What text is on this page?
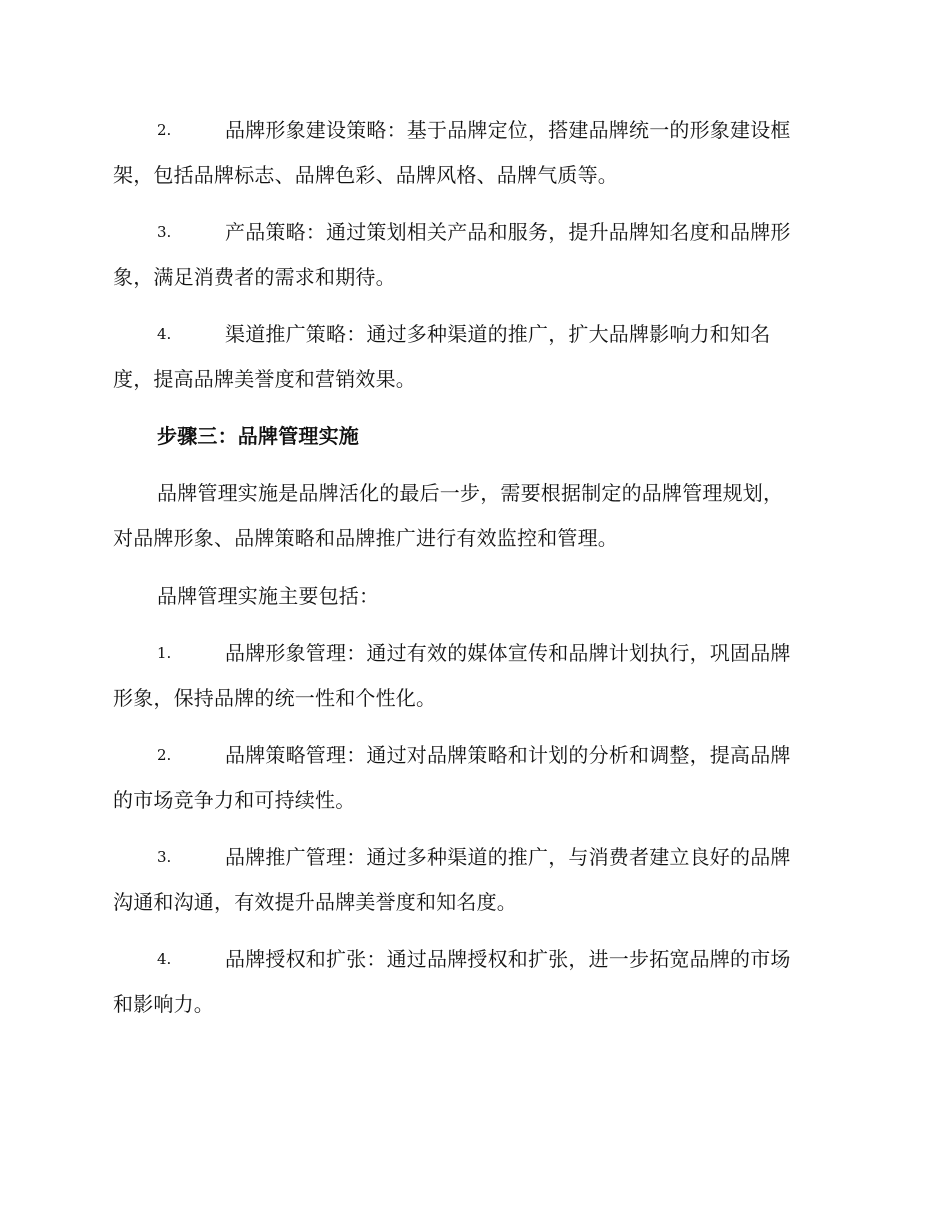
2.	品牌形象建设策略：基于品牌定位，搭建品牌统一的形象建设框
架，包括品牌标志、品牌色彩、品牌风格、品牌气质等。
3.	产品策略：通过策划相关产品和服务，提升品牌知名度和品牌形
象，满足消费者的需求和期待。
4.	渠道推广策略：通过多种渠道的推广，扩大品牌影响力和知名
度，提高品牌美誉度和营销效果。
步骤三：品牌管理实施
品牌管理实施是品牌活化的最后一步，需要根据制定的品牌管理规划，
对品牌形象、品牌策略和品牌推广进行有效监控和管理。
品牌管理实施主要包括：
1.	品牌形象管理：通过有效的媒体宣传和品牌计划执行，巩固品牌
形象，保持品牌的统一性和个性化。
2.	品牌策略管理：通过对品牌策略和计划的分析和调整，提高品牌
的市场竞争力和可持续性。
3.	品牌推广管理：通过多种渠道的推广，与消费者建立良好的品牌
沟通和沟通，有效提升品牌美誉度和知名度。
4.	品牌授权和扩张：通过品牌授权和扩张，进一步拓宽品牌的市场
和影响力。
